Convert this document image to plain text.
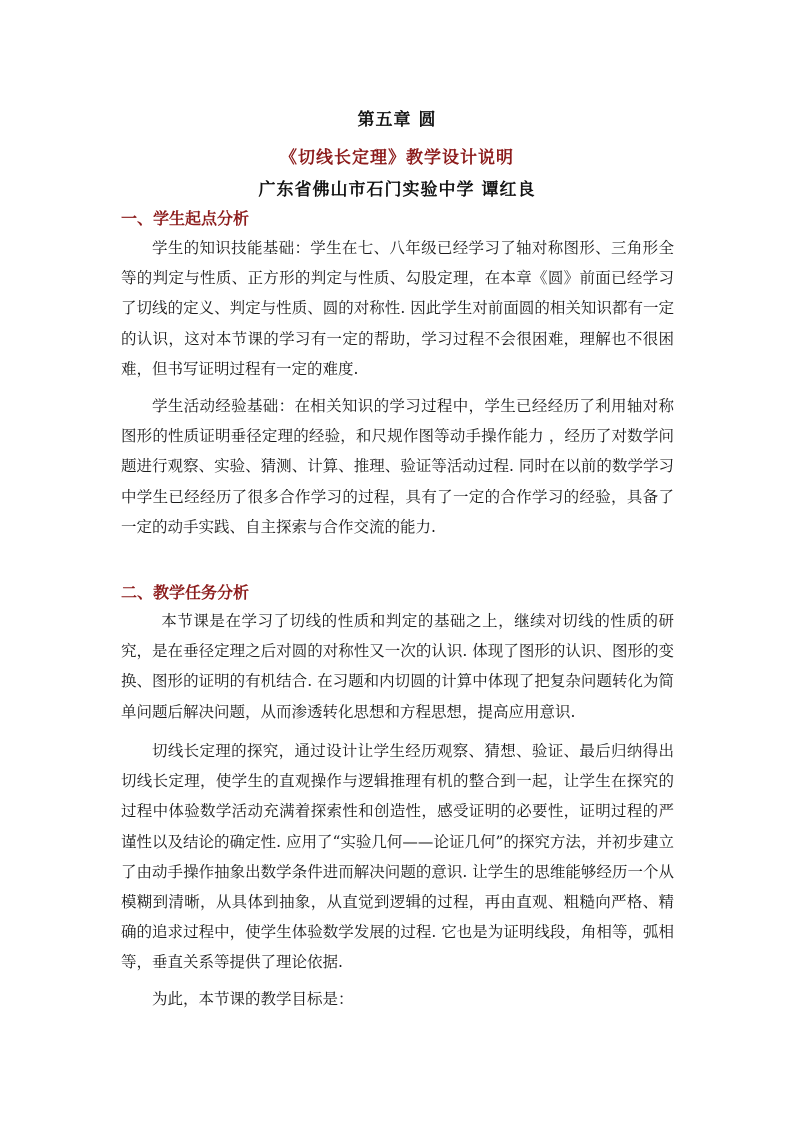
第五章 圆
《切线长定理》教学设计说明
广东省佛山市石门实验中学 谭红良
一、学生起点分析

学生的知识技能基础：学生在七、八年级已经学习了轴对称图形、三角形全等的判定与性质、正方形的判定与性质、勾股定理，在本章《圆》前面已经学习了切线的定义、判定与性质、圆的对称性. 因此学生对前面圆的相关知识都有一定的认识，这对本节课的学习有一定的帮助，学习过程不会很困难，理解也不很困难，但书写证明过程有一定的难度.

学生活动经验基础：在相关知识的学习过程中，学生已经经历了利用轴对称图形的性质证明垂径定理的经验，和尺规作图等动手操作能力 ，经历了对数学问题进行观察、实验、猜测、计算、推理、验证等活动过程. 同时在以前的数学学习中学生已经经历了很多合作学习的过程，具有了一定的合作学习的经验，具备了一定的动手实践、自主探索与合作交流的能力.

二、教学任务分析

本节课是在学习了切线的性质和判定的基础之上，继续对切线的性质的研究，是在垂径定理之后对圆的对称性又一次的认识. 体现了图形的认识、图形的变换、图形的证明的有机结合. 在习题和内切圆的计算中体现了把复杂问题转化为简单问题后解决问题，从而渗透转化思想和方程思想，提高应用意识.

切线长定理的探究，通过设计让学生经历观察、猜想、验证、最后归纳得出切线长定理，使学生的直观操作与逻辑推理有机的整合到一起，让学生在探究的过程中体验数学活动充满着探索性和创造性，感受证明的必要性，证明过程的严谨性以及结论的确定性. 应用了“实验几何——论证几何”的探究方法，并初步建立了由动手操作抽象出数学条件进而解决问题的意识. 让学生的思维能够经历一个从模糊到清晰，从具体到抽象，从直觉到逻辑的过程，再由直观、粗糙向严格、精确的追求过程中，使学生体验数学发展的过程. 它也是为证明线段，角相等，弧相等，垂直关系等提供了理论依据.

为此，本节课的教学目标是：
